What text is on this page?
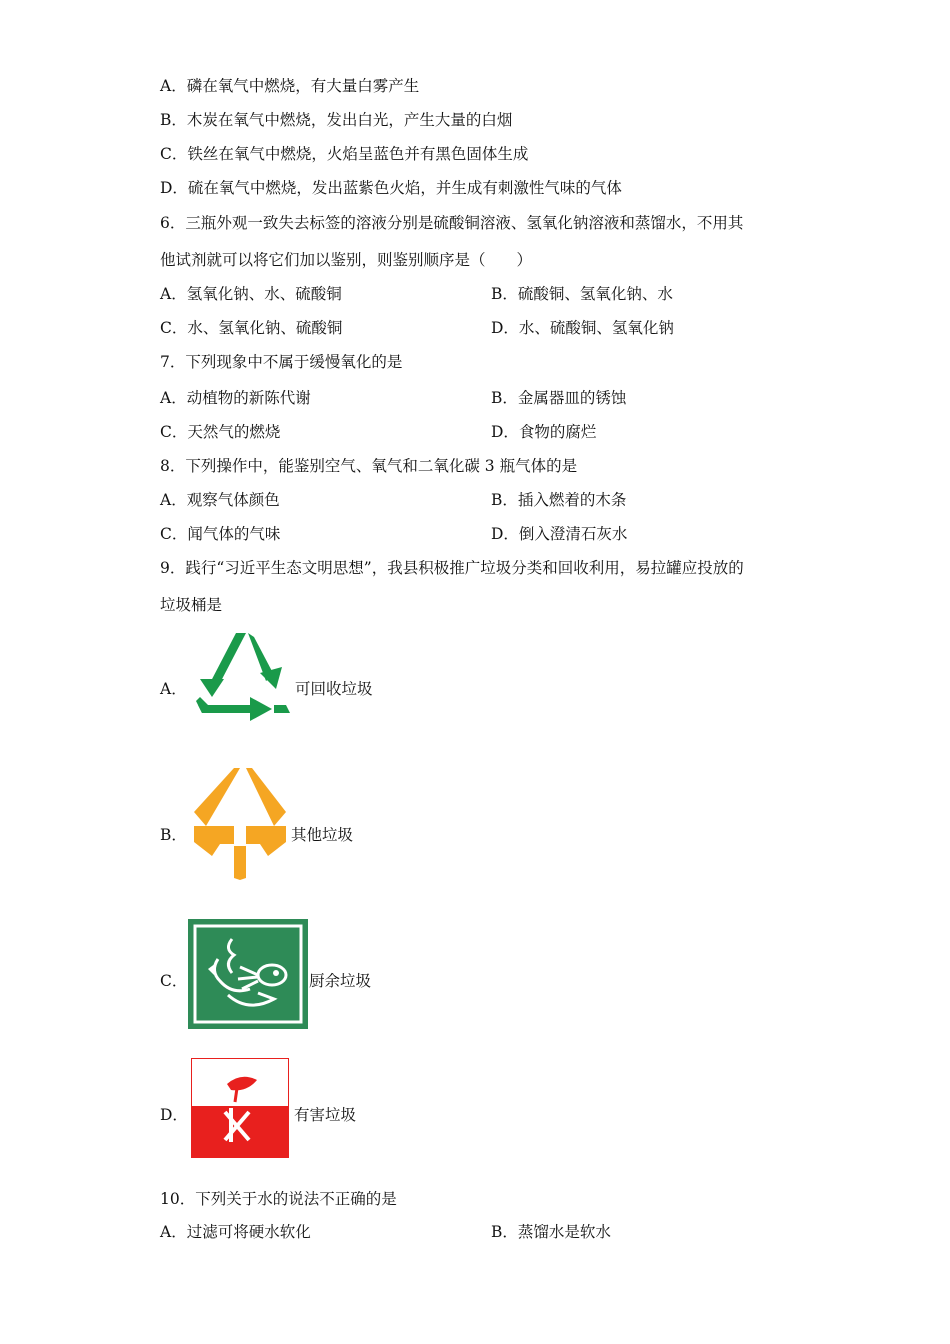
A．磷在氧气中燃烧，有大量白雾产生
B．木炭在氧气中燃烧，发出白光，产生大量的白烟
C．铁丝在氧气中燃烧，火焰呈蓝色并有黑色固体生成
D．硫在氧气中燃烧，发出蓝紫色火焰，并生成有刺激性气味的气体
6．三瓶外观一致失去标签的溶液分别是硫酸铜溶液、氢氧化钠溶液和蒸馏水，不用其
他试剂就可以将它们加以鉴别，则鉴别顺序是（　　）
A．氢氧化钠、水、硫酸铜	B．硫酸铜、氢氧化钠、水
C．水、氢氧化钠、硫酸铜	D．水、硫酸铜、氢氧化钠
7．下列现象中不属于缓慢氧化的是
A．动植物的新陈代谢	B．金属器皿的锈蚀
C．天然气的燃烧	D．食物的腐烂
8．下列操作中，能鉴别空气、氧气和二氧化碳 3 瓶气体的是
A．观察气体颜色	B．插入燃着的木条
C．闻气体的气味	D．倒入澄清石灰水
9．践行“习近平生态文明思想”，我县积极推广垃圾分类和回收利用，易拉罐应投放的
垃圾桶是
A．	可回收垃圾
B．	其他垃圾
C．	厨余垃圾
D．	有害垃圾
10．下列关于水的说法不正确的是
A．过滤可将硬水软化	B．蒸馏水是软水
